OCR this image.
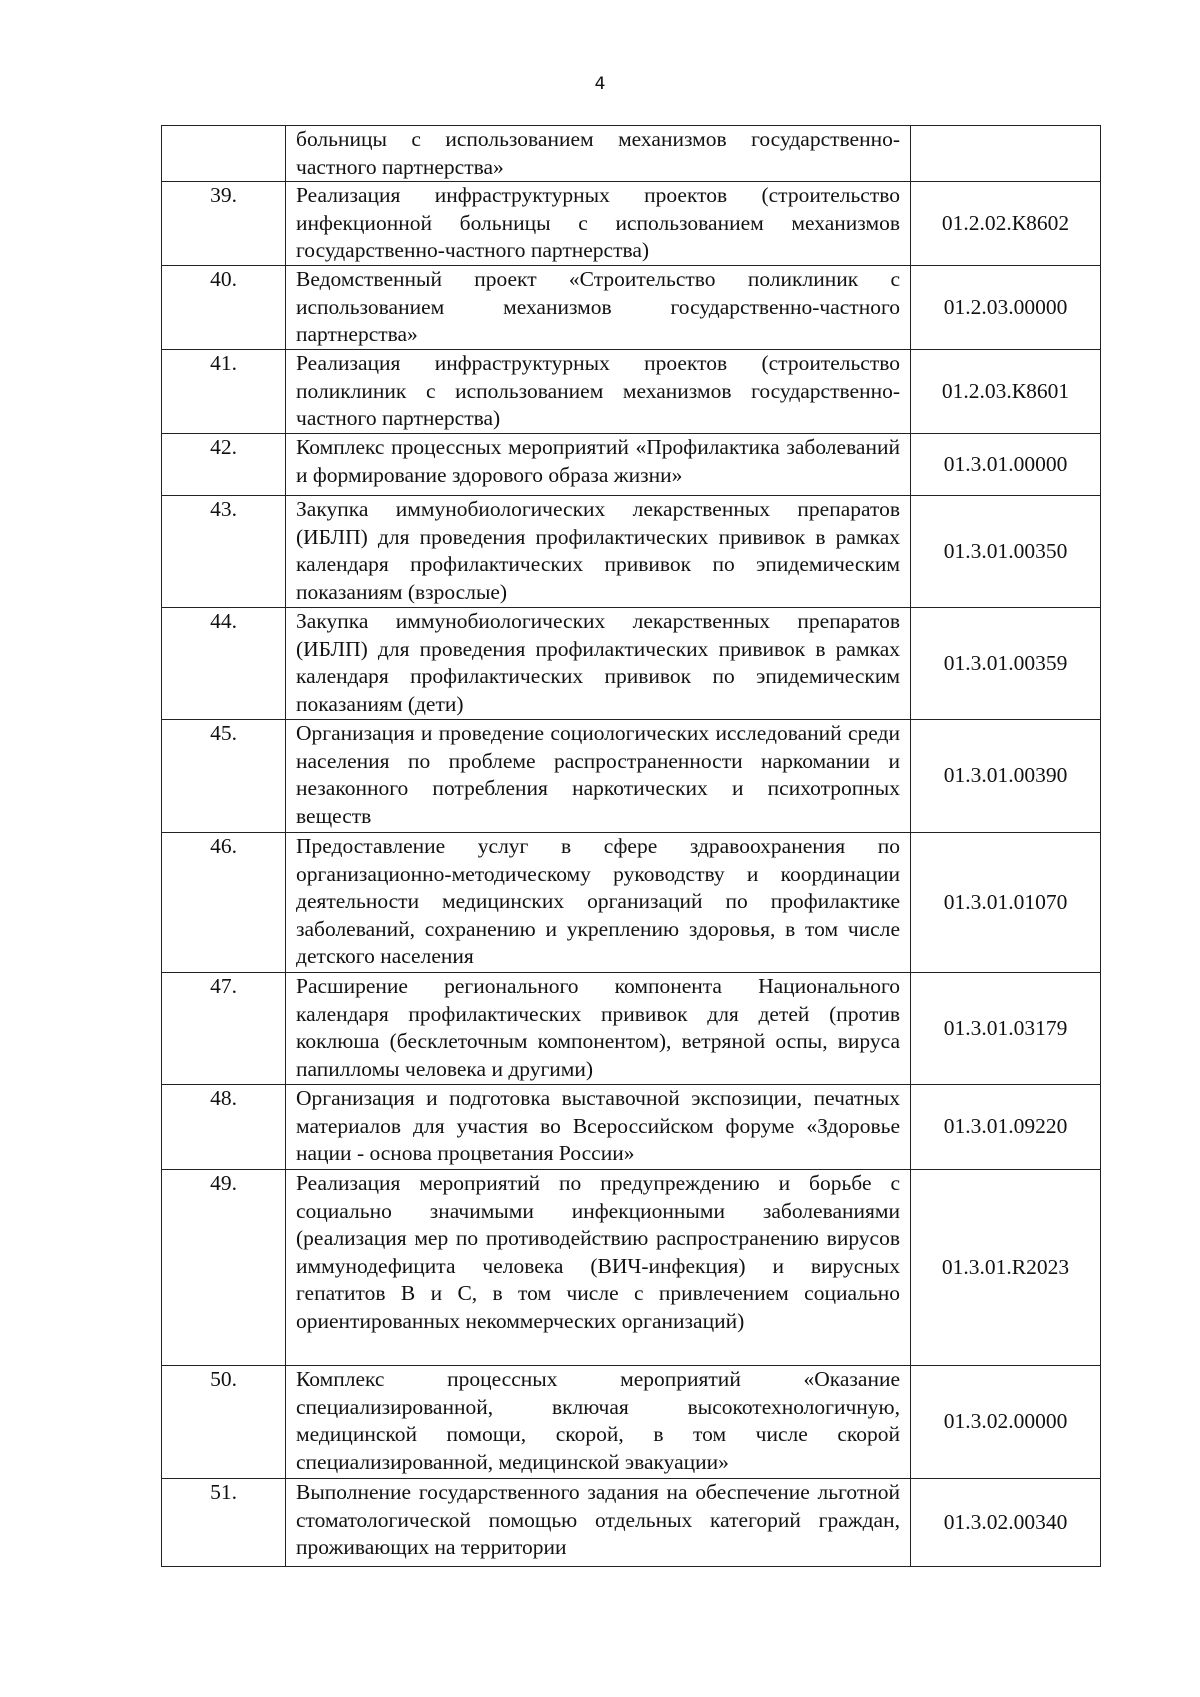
4
	больницы с использованием механизмов государственно-частного партнерства»	
39.	Реализация инфраструктурных проектов (строительство инфекционной больницы с использованием механизмов государственно-частного партнерства)	01.2.02.К8602
40.	Ведомственный проект «Строительство поликлиник с использованием механизмов государственно-частного партнерства»	01.2.03.00000
41.	Реализация инфраструктурных проектов (строительство поликлиник с использованием механизмов государственно-частного партнерства)	01.2.03.К8601
42.	Комплекс процессных мероприятий «Профилактика заболеваний и формирование здорового образа жизни»	01.3.01.00000
43.	Закупка иммунобиологических лекарственных препаратов (ИБЛП) для проведения профилактических прививок в рамках календаря профилактических прививок по эпидемическим показаниям (взрослые)	01.3.01.00350
44.	Закупка иммунобиологических лекарственных препаратов (ИБЛП) для проведения профилактических прививок в рамках календаря профилактических прививок по эпидемическим показаниям (дети)	01.3.01.00359
45.	Организация и проведение социологических исследований среди населения по проблеме распространенности наркомании и незаконного потребления наркотических и психотропных веществ	01.3.01.00390
46.	Предоставление услуг в сфере здравоохранения по организационно-методическому руководству и координации деятельности медицинских организаций по профилактике заболеваний, сохранению и укреплению здоровья, в том числе детского населения	01.3.01.01070
47.	Расширение регионального компонента Национального календаря профилактических прививок для детей (против коклюша (бесклеточным компонентом), ветряной оспы, вируса папилломы человека и другими)	01.3.01.03179
48.	Организация и подготовка выставочной экспозиции, печатных материалов для участия во Всероссийском форуме «Здоровье нации - основа процветания России»	01.3.01.09220
49.	Реализация мероприятий по предупреждению и борьбе с социально значимыми инфекционными заболеваниями (реализация мер по противодействию распространению вирусов иммунодефицита человека (ВИЧ-инфекция) и вирусных гепатитов В и С, в том числе с привлечением социально ориентированных некоммерческих организаций)	01.3.01.R2023
50.	Комплекс процессных мероприятий «Оказание специализированной, включая высокотехнологичную, медицинской помощи, скорой, в том числе скорой специализированной, медицинской эвакуации»	01.3.02.00000
51.	Выполнение государственного задания на обеспечение льготной стоматологической помощью отдельных категорий граждан, проживающих на территории	01.3.02.00340
